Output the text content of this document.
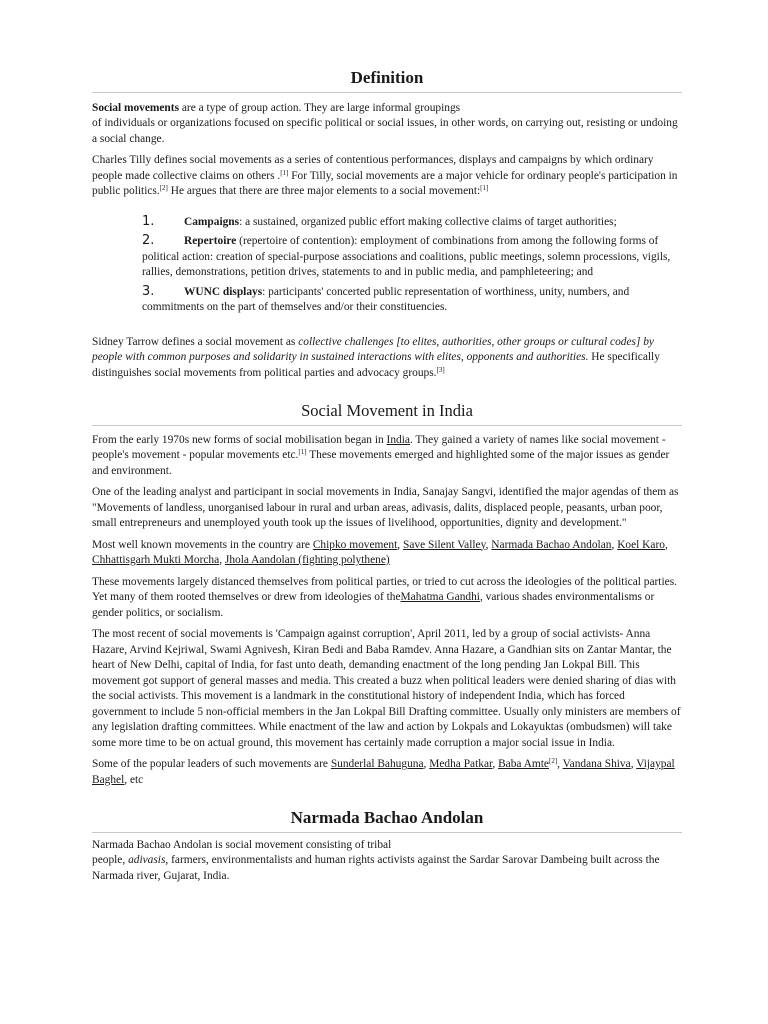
Definition

Social movements are a type of group action. They are large informal groupings
of individuals or organizations focused on specific political or social issues, in other words, on carrying out, resisting or undoing a social change.

Charles Tilly defines social movements as a series of contentious performances, displays and campaigns by which ordinary people made collective claims on others .[1] For Tilly, social movements are a major vehicle for ordinary people's participation in public politics.[2] He argues that there are three major elements to a social movement:[1]

1.	Campaigns: a sustained, organized public effort making collective claims of target authorities;
2.	Repertoire (repertoire of contention): employment of combinations from among the following forms of political action: creation of special-purpose associations and coalitions, public meetings, solemn processions, vigils, rallies, demonstrations, petition drives, statements to and in public media, and pamphleteering; and
3.	WUNC displays: participants' concerted public representation of worthiness, unity, numbers, and commitments on the part of themselves and/or their constituencies.

Sidney Tarrow defines a social movement as collective challenges [to elites, authorities, other groups or cultural codes] by people with common purposes and solidarity in sustained interactions with elites, opponents and authorities. He specifically distinguishes social movements from political parties and advocacy groups.[3]

Social Movement in India

From the early 1970s new forms of social mobilisation began in India. They gained a variety of names like social movement - people's movement - popular movements etc.[1] These movements emerged and highlighted some of the major issues as gender and environment.

One of the leading analyst and participant in social movements in India, Sanajay Sangvi, identified the major agendas of them as "Movements of landless, unorganised labour in rural and urban areas, adivasis, dalits, displaced people, peasants, urban poor, small entrepreneurs and unemployed youth took up the issues of livelihood, opportunities, dignity and development."

Most well known movements in the country are Chipko movement, Save Silent Valley, Narmada Bachao Andolan, Koel Karo, Chhattisgarh Mukti Morcha, Jhola Aandolan (fighting polythene)

These movements largely distanced themselves from political parties, or tried to cut across the ideologies of the political parties. Yet many of them rooted themselves or drew from ideologies of theMahatma Gandhi, various shades environmentalisms or gender politics, or socialism.

The most recent of social movements is 'Campaign against corruption', April 2011, led by a group of social activists- Anna Hazare, Arvind Kejriwal, Swami Agnivesh, Kiran Bedi and Baba Ramdev. Anna Hazare, a Gandhian sits on Zantar Mantar, the heart of New Delhi, capital of India, for fast unto death, demanding enactment of the long pending Jan Lokpal Bill. This movement got support of general masses and media. This created a buzz when political leaders were denied sharing of dias with the social activists. This movement is a landmark in the constitutional history of independent India, which has forced government to include 5 non-official members in the Jan Lokpal Bill Drafting committee. Usually only ministers are members of any legislation drafting committees. While enactment of the law and action by Lokpals and Lokayuktas (ombudsmen) will take some more time to be on actual ground, this movement has certainly made corruption a major social issue in India.

Some of the popular leaders of such movements are Sunderlal Bahuguna, Medha Patkar, Baba Amte[2], Vandana Shiva, Vijaypal Baghel, etc

Narmada Bachao Andolan

Narmada Bachao Andolan is social movement consisting of tribal
people, adivasis, farmers, environmentalists and human rights activists against the Sardar Sarovar Dambeing built across the Narmada river, Gujarat, India.
